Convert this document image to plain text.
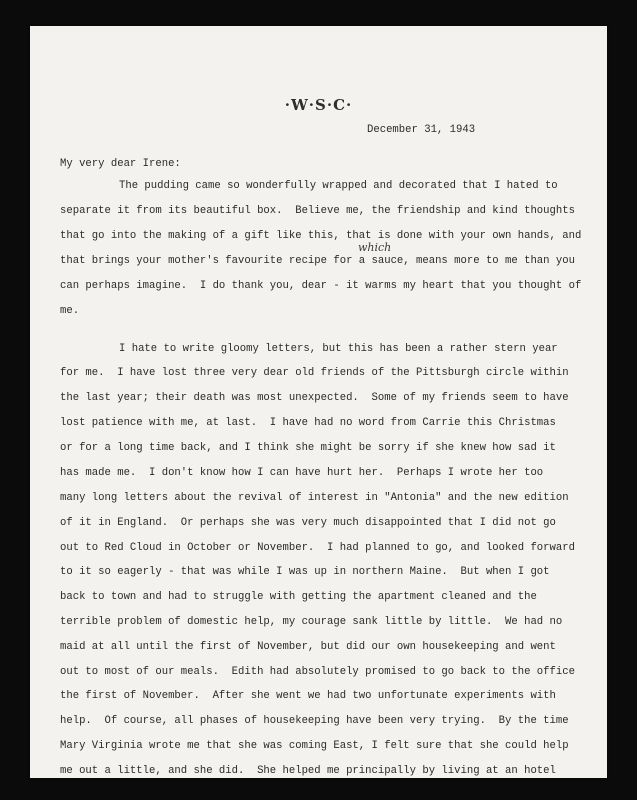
·W·S·C·
December 31, 1943
My very dear Irene:
which
The pudding came so wonderfully wrapped and decorated that I hated to
separate it from its beautiful box.  Believe me, the friendship and kind thoughts
that go into the making of a gift like this, that is done with your own hands, and
that brings your mother's favourite recipe for a sauce, means more to me than you
can perhaps imagine.  I do thank you, dear - it warms my heart that you thought of
me.
I hate to write gloomy letters, but this has been a rather stern year
for me.  I have lost three very dear old friends of the Pittsburgh circle within
the last year; their death was most unexpected.  Some of my friends seem to have
lost patience with me, at last.  I have had no word from Carrie this Christmas
or for a long time back, and I think she might be sorry if she knew how sad it
has made me.  I don't know how I can have hurt her.  Perhaps I wrote her too
many long letters about the revival of interest in "Antonia" and the new edition
of it in England.  Or perhaps she was very much disappointed that I did not go
out to Red Cloud in October or November.  I had planned to go, and looked forward
to it so eagerly - that was while I was up in northern Maine.  But when I got
back to town and had to struggle with getting the apartment cleaned and the
terrible problem of domestic help, my courage sank little by little.  We had no
maid at all until the first of November, but did our own housekeeping and went
out to most of our meals.  Edith had absolutely promised to go back to the office
the first of November.  After she went we had two unfortunate experiments with
help.  Of course, all phases of housekeeping have been very trying.  By the time
Mary Virginia wrote me that she was coming East, I felt sure that she could help
me out a little, and she did.  She helped me principally by living at an hotel
